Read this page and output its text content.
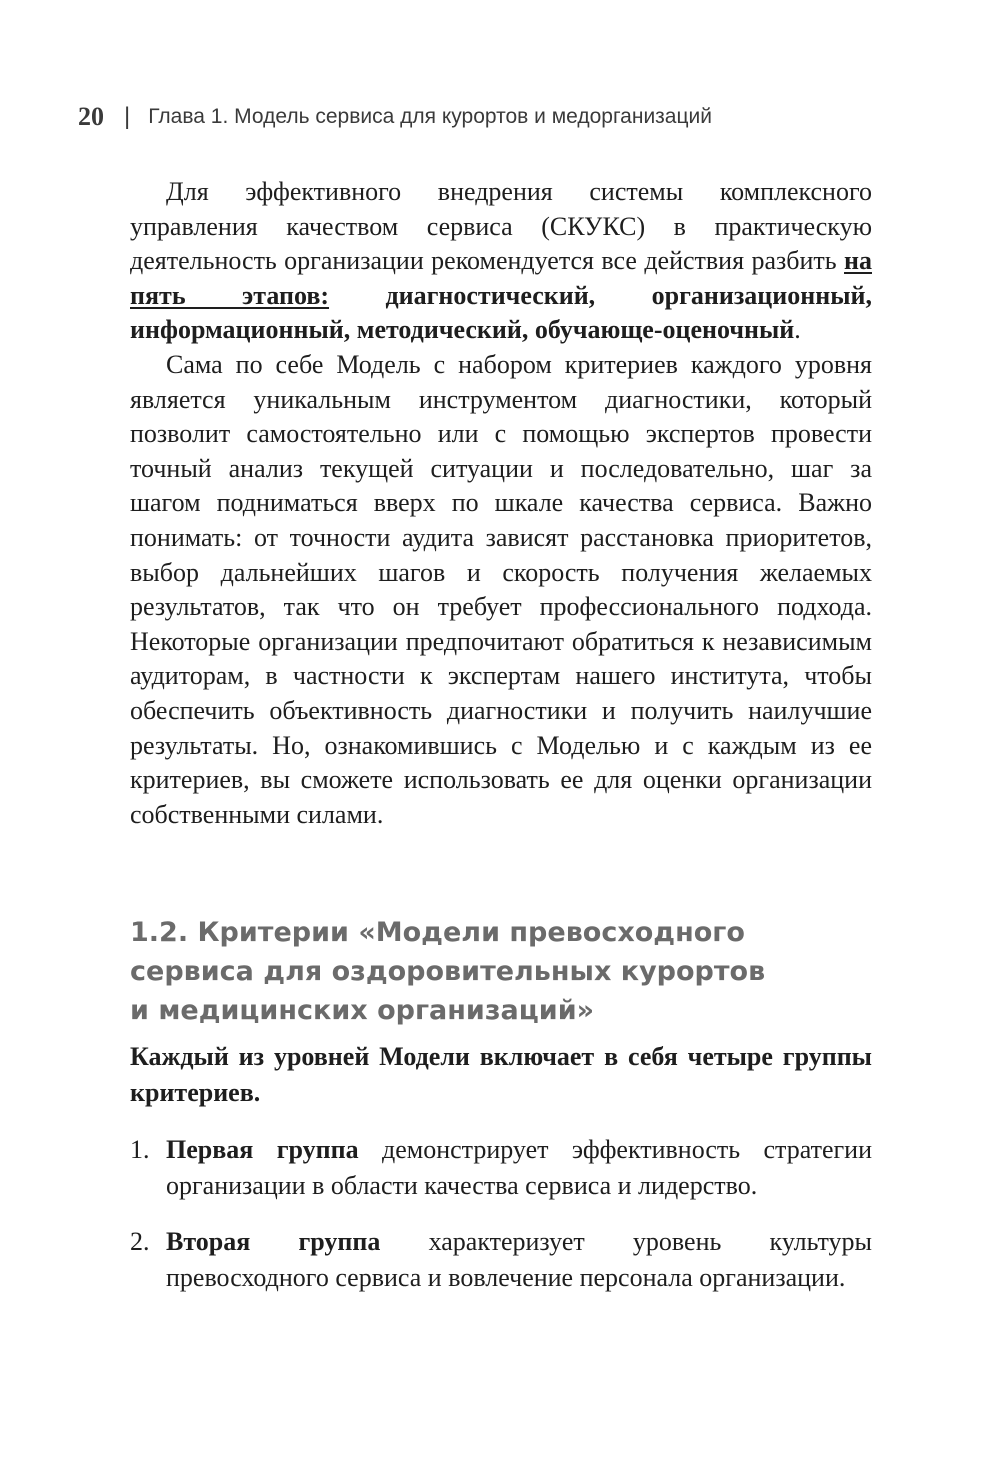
20 | Глава 1. Модель сервиса для курортов и медорганизаций

Для эффективного внедрения системы комплексного управления качеством сервиса (СКУКС) в практическую деятельность организации рекомендуется все действия разбить на пять этапов: диагностический, организационный, информационный, методический, обучающе-оценочный.

Сама по себе Модель с набором критериев каждого уровня является уникальным инструментом диагностики, который позволит самостоятельно или с помощью экспертов провести точный анализ текущей ситуации и последовательно, шаг за шагом подниматься вверх по шкале качества сервиса. Важно понимать: от точности аудита зависят расстановка приоритетов, выбор дальнейших шагов и скорость получения желаемых результатов, так что он требует профессионального подхода. Некоторые организации предпочитают обратиться к независимым аудиторам, в частности к экспертам нашего института, чтобы обеспечить объективность диагностики и получить наилучшие результаты. Но, ознакомившись с Моделью и с каждым из ее критериев, вы сможете использовать ее для оценки организации собственными силами.

1.2. Критерии «Модели превосходного
сервиса для оздоровительных курортов
и медицинских организаций»

Каждый из уровней Модели включает в себя четыре группы критериев.

1. Первая группа демонстрирует эффективность стратегии организации в области качества сервиса и лидерство.
2. Вторая группа характеризует уровень культуры превосходного сервиса и вовлечение персонала организации.
